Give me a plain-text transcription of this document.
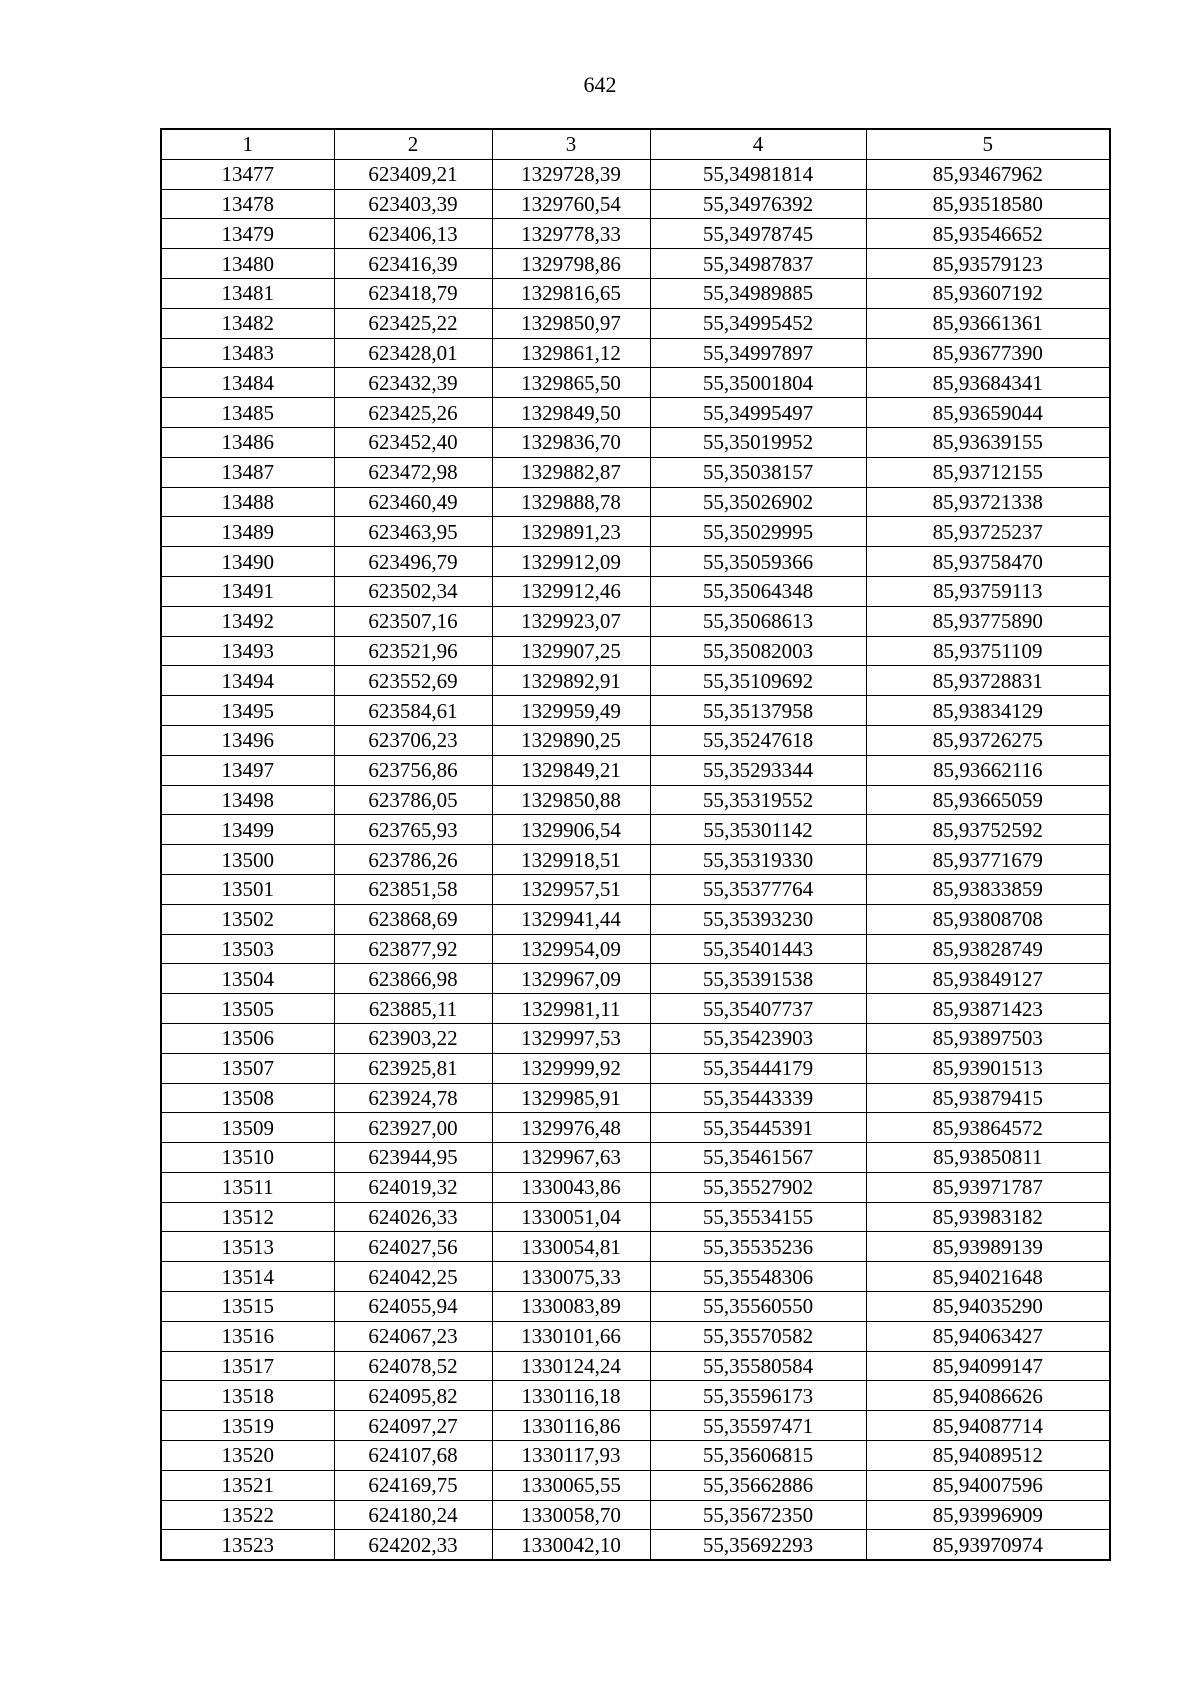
642
1	2	3	4	5
13477	623409,21	1329728,39	55,34981814	85,93467962
13478	623403,39	1329760,54	55,34976392	85,93518580
13479	623406,13	1329778,33	55,34978745	85,93546652
13480	623416,39	1329798,86	55,34987837	85,93579123
13481	623418,79	1329816,65	55,34989885	85,93607192
13482	623425,22	1329850,97	55,34995452	85,93661361
13483	623428,01	1329861,12	55,34997897	85,93677390
13484	623432,39	1329865,50	55,35001804	85,93684341
13485	623425,26	1329849,50	55,34995497	85,93659044
13486	623452,40	1329836,70	55,35019952	85,93639155
13487	623472,98	1329882,87	55,35038157	85,93712155
13488	623460,49	1329888,78	55,35026902	85,93721338
13489	623463,95	1329891,23	55,35029995	85,93725237
13490	623496,79	1329912,09	55,35059366	85,93758470
13491	623502,34	1329912,46	55,35064348	85,93759113
13492	623507,16	1329923,07	55,35068613	85,93775890
13493	623521,96	1329907,25	55,35082003	85,93751109
13494	623552,69	1329892,91	55,35109692	85,93728831
13495	623584,61	1329959,49	55,35137958	85,93834129
13496	623706,23	1329890,25	55,35247618	85,93726275
13497	623756,86	1329849,21	55,35293344	85,93662116
13498	623786,05	1329850,88	55,35319552	85,93665059
13499	623765,93	1329906,54	55,35301142	85,93752592
13500	623786,26	1329918,51	55,35319330	85,93771679
13501	623851,58	1329957,51	55,35377764	85,93833859
13502	623868,69	1329941,44	55,35393230	85,93808708
13503	623877,92	1329954,09	55,35401443	85,93828749
13504	623866,98	1329967,09	55,35391538	85,93849127
13505	623885,11	1329981,11	55,35407737	85,93871423
13506	623903,22	1329997,53	55,35423903	85,93897503
13507	623925,81	1329999,92	55,35444179	85,93901513
13508	623924,78	1329985,91	55,35443339	85,93879415
13509	623927,00	1329976,48	55,35445391	85,93864572
13510	623944,95	1329967,63	55,35461567	85,93850811
13511	624019,32	1330043,86	55,35527902	85,93971787
13512	624026,33	1330051,04	55,35534155	85,93983182
13513	624027,56	1330054,81	55,35535236	85,93989139
13514	624042,25	1330075,33	55,35548306	85,94021648
13515	624055,94	1330083,89	55,35560550	85,94035290
13516	624067,23	1330101,66	55,35570582	85,94063427
13517	624078,52	1330124,24	55,35580584	85,94099147
13518	624095,82	1330116,18	55,35596173	85,94086626
13519	624097,27	1330116,86	55,35597471	85,94087714
13520	624107,68	1330117,93	55,35606815	85,94089512
13521	624169,75	1330065,55	55,35662886	85,94007596
13522	624180,24	1330058,70	55,35672350	85,93996909
13523	624202,33	1330042,10	55,35692293	85,93970974
